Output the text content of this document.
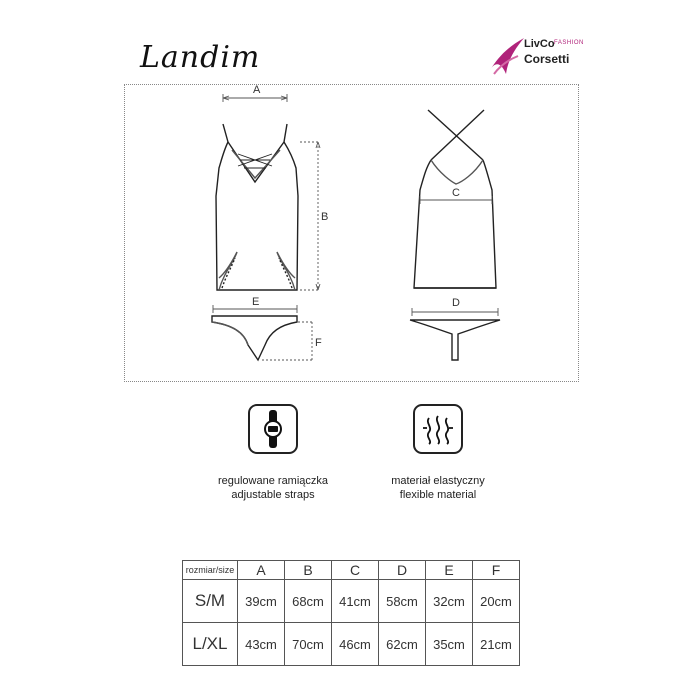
Landim	LivCo FASHION
Corsetti
A
B
E
F
C
D
regulowane ramiączka
adjustable straps
materiał elastyczny
flexible material
rozmiar/size	A	B	C	D	E	F
S/M	39cm	68cm	41cm	58cm	32cm	20cm
L/XL	43cm	70cm	46cm	62cm	35cm	21cm
